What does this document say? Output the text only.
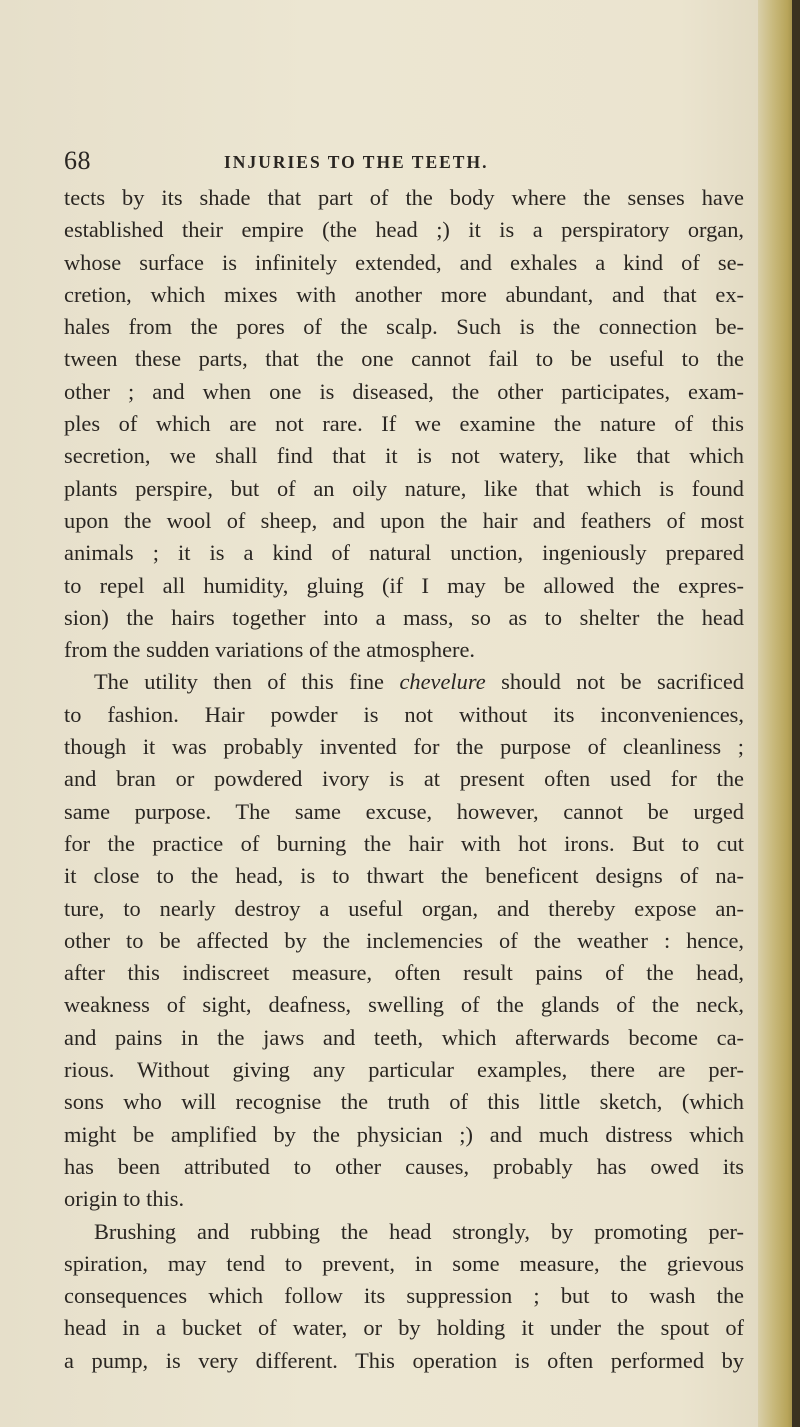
68	INJURIES TO THE TEETH.
tects by its shade that part of the body where the senses have
established their empire (the head ;) it is a perspiratory organ,
whose surface is infinitely extended, and exhales a kind of se-
cretion, which mixes with another more abundant, and that ex-
hales from the pores of the scalp. Such is the connection be-
tween these parts, that the one cannot fail to be useful to the
other ; and when one is diseased, the other participates, exam-
ples of which are not rare. If we examine the nature of this
secretion, we shall find that it is not watery, like that which
plants perspire, but of an oily nature, like that which is found
upon the wool of sheep, and upon the hair and feathers of most
animals ; it is a kind of natural unction, ingeniously prepared
to repel all humidity, gluing (if I may be allowed the expres-
sion) the hairs together into a mass, so as to shelter the head
from the sudden variations of the atmosphere.
The utility then of this fine chevelure should not be sacrificed
to fashion. Hair powder is not without its inconveniences,
though it was probably invented for the purpose of cleanliness ;
and bran or powdered ivory is at present often used for the
same purpose. The same excuse, however, cannot be urged
for the practice of burning the hair with hot irons. But to cut
it close to the head, is to thwart the beneficent designs of na-
ture, to nearly destroy a useful organ, and thereby expose an-
other to be affected by the inclemencies of the weather : hence,
after this indiscreet measure, often result pains of the head,
weakness of sight, deafness, swelling of the glands of the neck,
and pains in the jaws and teeth, which afterwards become ca-
rious. Without giving any particular examples, there are per-
sons who will recognise the truth of this little sketch, (which
might be amplified by the physician ;) and much distress which
has been attributed to other causes, probably has owed its
origin to this.
Brushing and rubbing the head strongly, by promoting per-
spiration, may tend to prevent, in some measure, the grievous
consequences which follow its suppression ; but to wash the
head in a bucket of water, or by holding it under the spout of
a pump, is very different. This operation is often performed by
